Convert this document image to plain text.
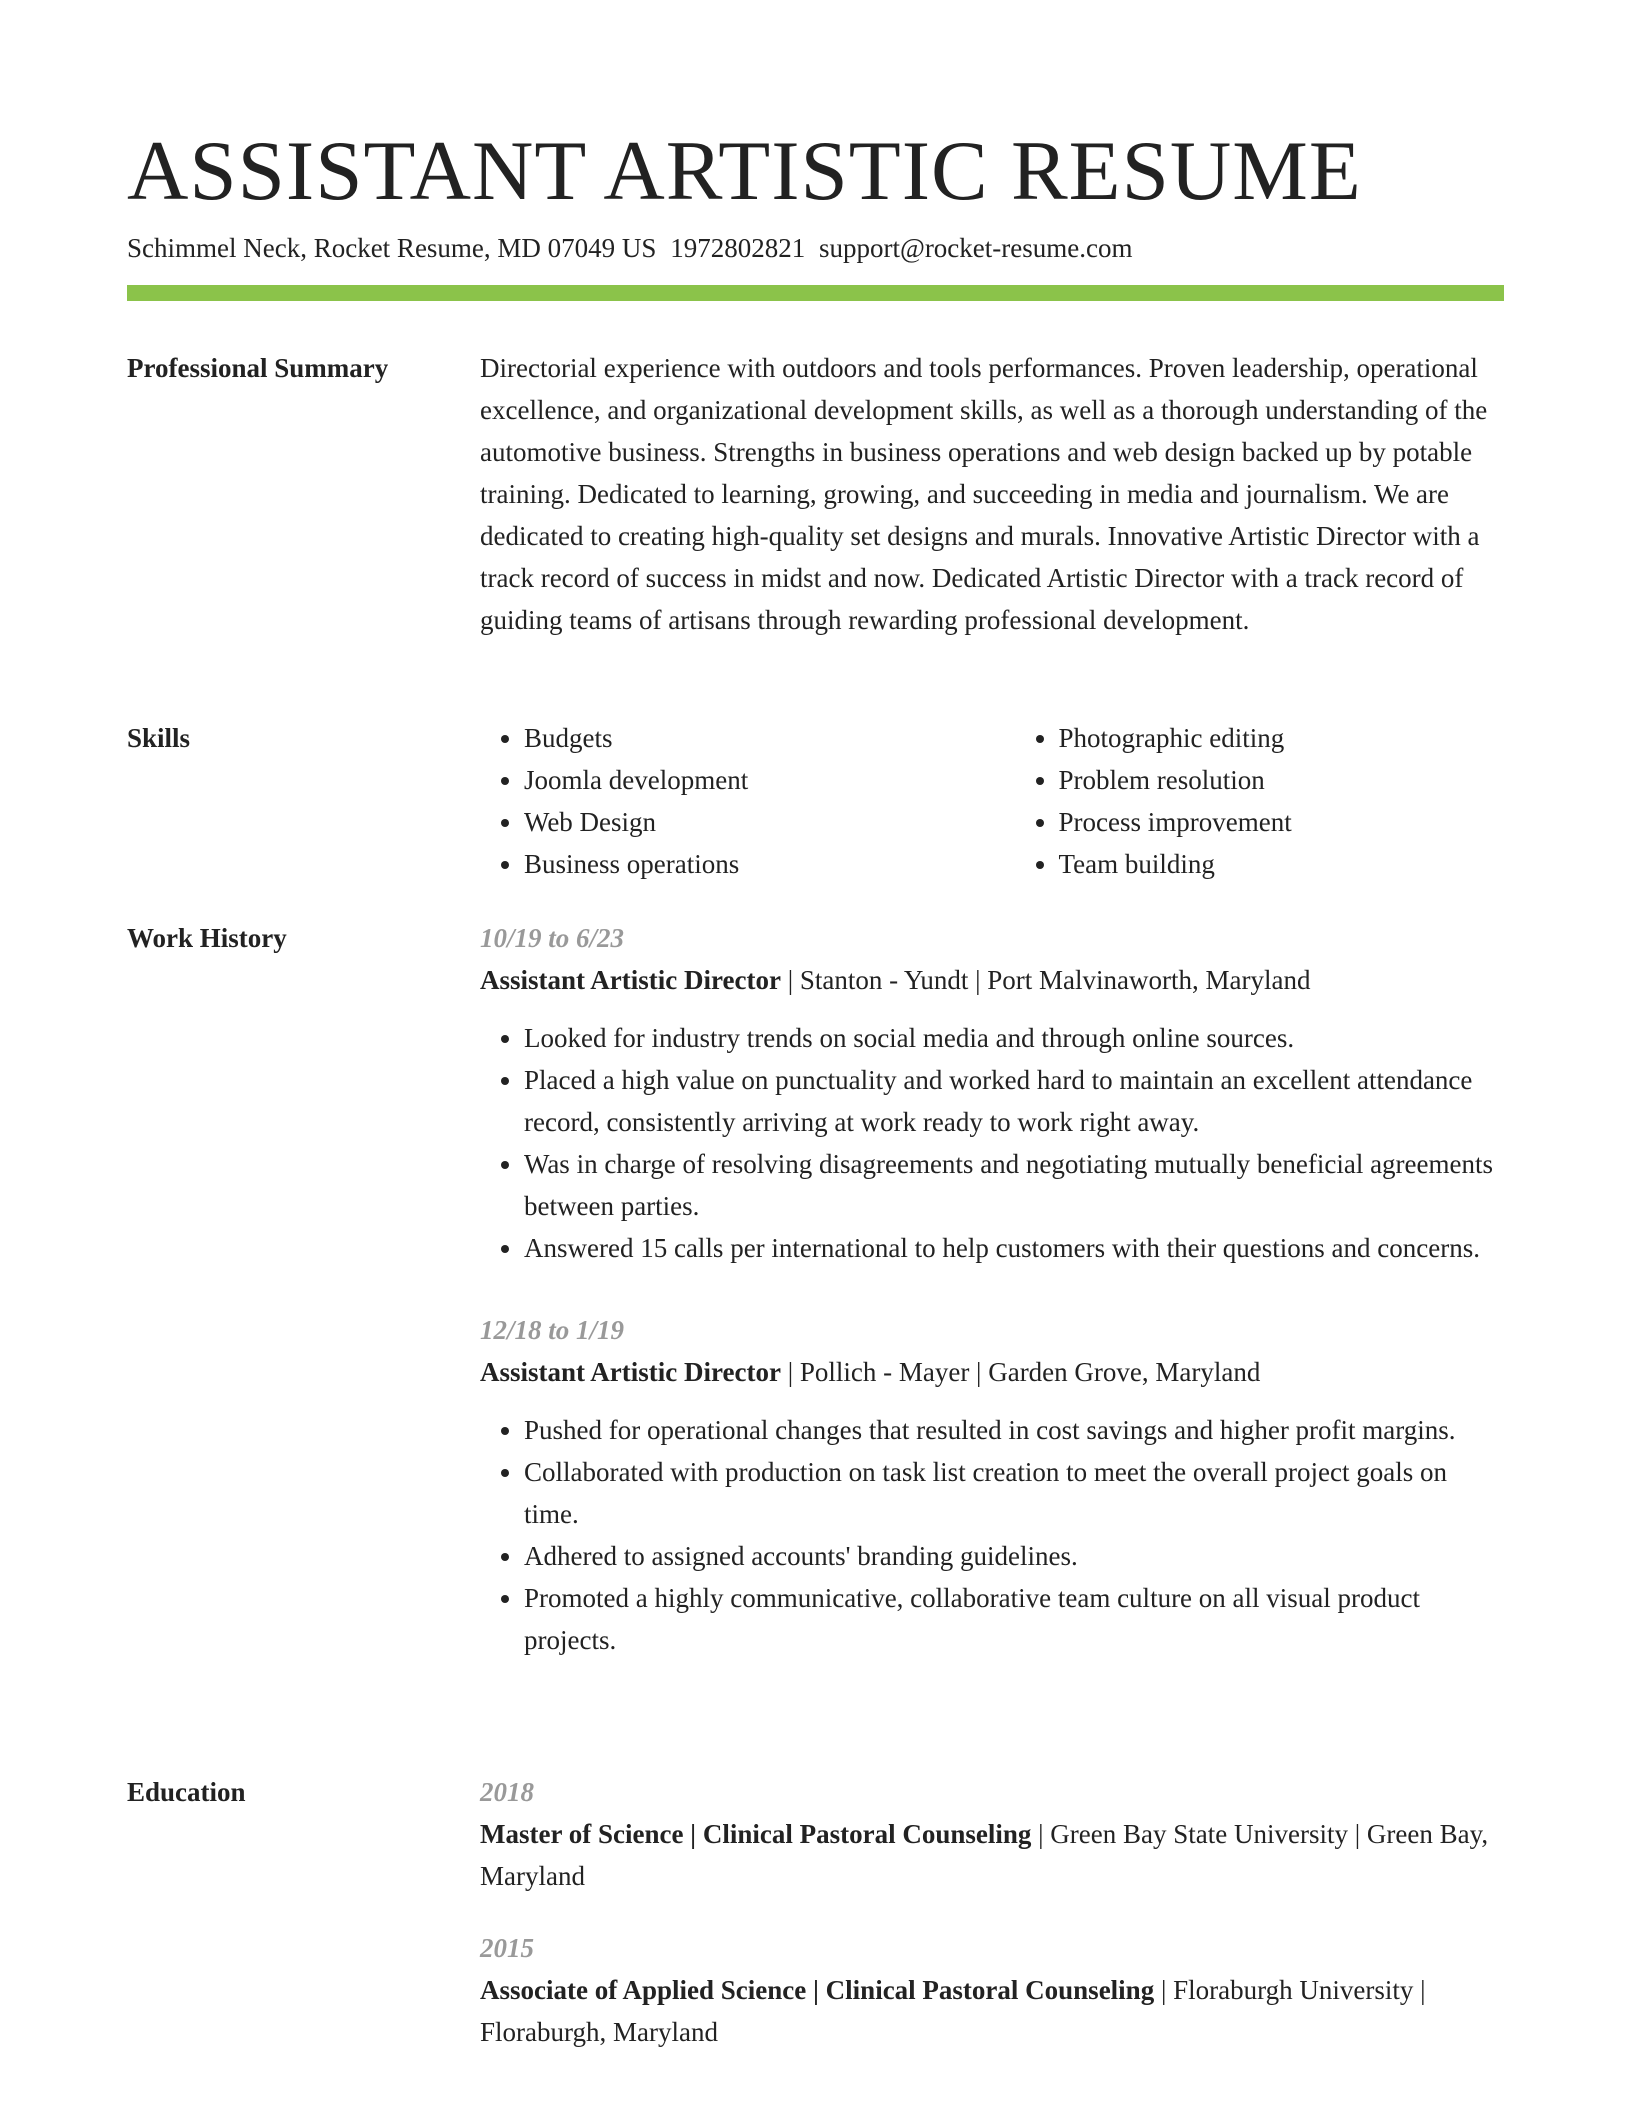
ASSISTANT ARTISTIC RESUME
Schimmel Neck, Rocket Resume, MD 07049 US 1972802821 support@rocket-resume.com
Professional Summary	Directorial experience with outdoors and tools performances. Proven leadership, operational excellence, and organizational development skills, as well as a thorough understanding of the automotive business. Strengths in business operations and web design backed up by potable training. Dedicated to learning, growing, and succeeding in media and journalism. We are dedicated to creating high-quality set designs and murals. Innovative Artistic Director with a track record of success in midst and now. Dedicated Artistic Director with a track record of guiding teams of artisans through rewarding professional development.

Skills
•	Budgets
• Joomla development
• Web Design
• Business operations
• Photographic editing
• Problem resolution
• Process improvement
• Team building
Work History	10/19 to 6/23
Assistant Artistic Director | Stanton - Yundt | Port Malvinaworth, Maryland
• Looked for industry trends on social media and through online sources.
• Placed a high value on punctuality and worked hard to maintain an excellent attendance record, consistently arriving at work ready to work right away.
• Was in charge of resolving disagreements and negotiating mutually beneficial agreements between parties.
• Answered 15 calls per international to help customers with their questions and concerns.
12/18 to 1/19
Assistant Artistic Director | Pollich - Mayer | Garden Grove, Maryland
• Pushed for operational changes that resulted in cost savings and higher profit margins.
• Collaborated with production on task list creation to meet the overall project goals on time.
• Adhered to assigned accounts' branding guidelines.
• Promoted a highly communicative, collaborative team culture on all visual product projects.
Education	2018
Master of Science | Clinical Pastoral Counseling | Green Bay State University | Green Bay, Maryland
2015
Associate of Applied Science | Clinical Pastoral Counseling | Floraburgh University | Floraburgh, Maryland
